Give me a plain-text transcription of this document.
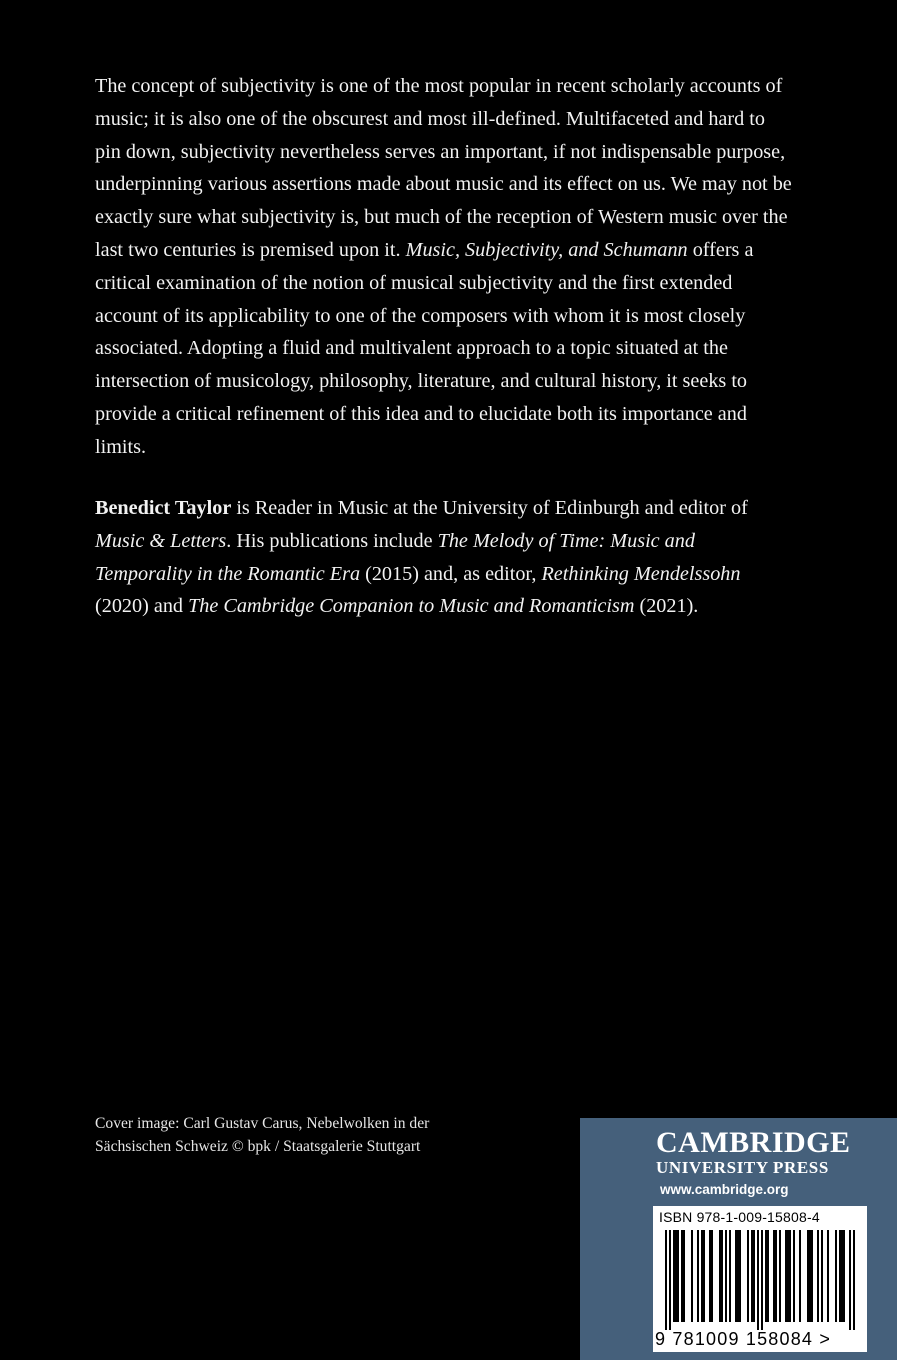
The concept of subjectivity is one of the most popular in recent scholarly accounts of music; it is also one of the obscurest and most ill-defined. Multifaceted and hard to pin down, subjectivity nevertheless serves an important, if not indispensable purpose, underpinning various assertions made about music and its effect on us. We may not be exactly sure what subjectivity is, but much of the reception of Western music over the last two centuries is premised upon it. Music, Subjectivity, and Schumann offers a critical examination of the notion of musical subjectivity and the first extended account of its applicability to one of the composers with whom it is most closely associated. Adopting a fluid and multivalent approach to a topic situated at the intersection of musicology, philosophy, literature, and cultural history, it seeks to provide a critical refinement of this idea and to elucidate both its importance and limits.

Benedict Taylor is Reader in Music at the University of Edinburgh and editor of Music & Letters. His publications include The Melody of Time: Music and Temporality in the Romantic Era (2015) and, as editor, Rethinking Mendelssohn (2020) and The Cambridge Companion to Music and Romanticism (2021).

Cover image: Carl Gustav Carus, Nebelwolken in der Sächsischen Schweiz © bpk / Staatsgalerie Stuttgart	CAMBRIDGE
UNIVERSITY PRESS
www.cambridge.org
ISBN 978-1-009-15808-4
9 781009 158084 >
